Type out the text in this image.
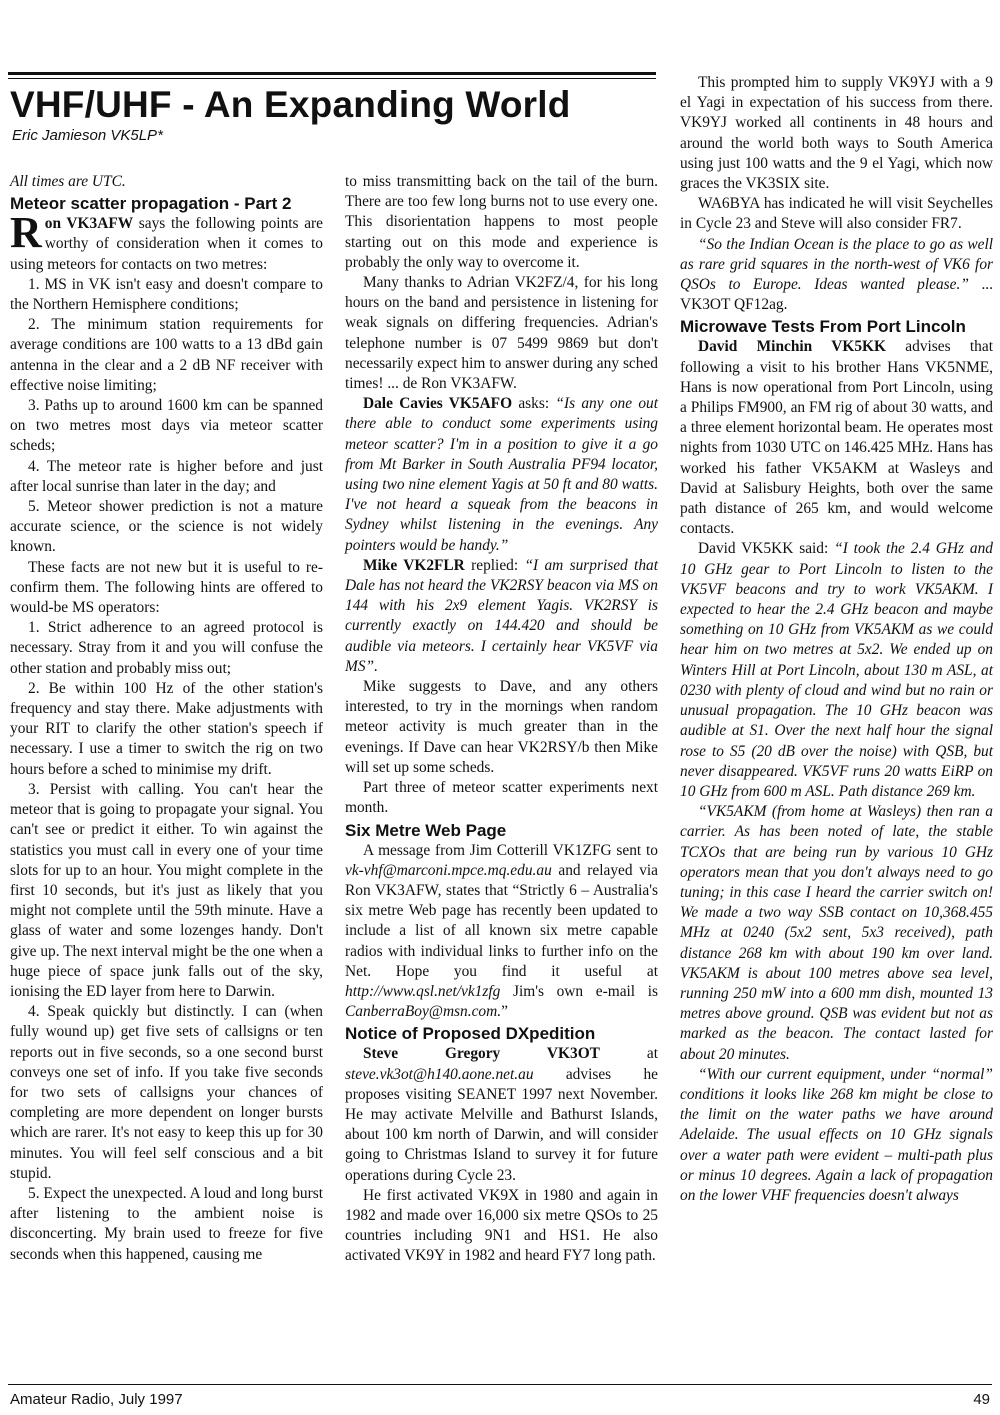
VHF/UHF - An Expanding World
Eric Jamieson VK5LP*

All times are UTC.

Meteor scatter propagation - Part 2

Ron VK3AFW says the following points are worthy of consideration when it comes to using meteors for contacts on two metres:

1. MS in VK isn't easy and doesn't compare to the Northern Hemisphere conditions;

2. The minimum station requirements for average conditions are 100 watts to a 13 dBd gain antenna in the clear and a 2 dB NF receiver with effective noise limiting;

3. Paths up to around 1600 km can be spanned on two metres most days via meteor scatter scheds;

4. The meteor rate is higher before and just after local sunrise than later in the day; and

5. Meteor shower prediction is not a mature accurate science, or the science is not widely known.

These facts are not new but it is useful to re-confirm them. The following hints are offered to would-be MS operators:

1. Strict adherence to an agreed protocol is necessary. Stray from it and you will confuse the other station and probably miss out;

2. Be within 100 Hz of the other station's frequency and stay there. Make adjustments with your RIT to clarify the other station's speech if necessary. I use a timer to switch the rig on two hours before a sched to minimise my drift.

3. Persist with calling. You can't hear the meteor that is going to propagate your signal. You can't see or predict it either. To win against the statistics you must call in every one of your time slots for up to an hour. You might complete in the first 10 seconds, but it's just as likely that you might not complete until the 59th minute. Have a glass of water and some lozenges handy. Don't give up. The next interval might be the one when a huge piece of space junk falls out of the sky, ionising the ED layer from here to Darwin.

4. Speak quickly but distinctly. I can (when fully wound up) get five sets of callsigns or ten reports out in five seconds, so a one second burst conveys one set of info. If you take five seconds for two sets of callsigns your chances of completing are more dependent on longer bursts which are rarer. It's not easy to keep this up for 30 minutes. You will feel self conscious and a bit stupid.

5. Expect the unexpected. A loud and long burst after listening to the ambient noise is disconcerting. My brain used to freeze for five seconds when this happened, causing me

to miss transmitting back on the tail of the burn. There are too few long burns not to use every one. This disorientation happens to most people starting out on this mode and experience is probably the only way to overcome it.

Many thanks to Adrian VK2FZ/4, for his long hours on the band and persistence in listening for weak signals on differing frequencies. Adrian's telephone number is 07 5499 9869 but don't necessarily expect him to answer during any sched times! ... de Ron VK3AFW.

Dale Cavies VK5AFO asks: “Is any one out there able to conduct some experiments using meteor scatter? I'm in a position to give it a go from Mt Barker in South Australia PF94 locator, using two nine element Yagis at 50 ft and 80 watts. I've not heard a squeak from the beacons in Sydney whilst listening in the evenings. Any pointers would be handy.”

Mike VK2FLR replied: “I am surprised that Dale has not heard the VK2RSY beacon via MS on 144 with his 2x9 element Yagis. VK2RSY is currently exactly on 144.420 and should be audible via meteors. I certainly hear VK5VF via MS”.

Mike suggests to Dave, and any others interested, to try in the mornings when random meteor activity is much greater than in the evenings. If Dave can hear VK2RSY/b then Mike will set up some scheds.

Part three of meteor scatter experiments next month.

Six Metre Web Page

A message from Jim Cotterill VK1ZFG sent to vk-vhf@marconi.mpce.mq.edu.au and relayed via Ron VK3AFW, states that “Strictly 6 – Australia's six metre Web page has recently been updated to include a list of all known six metre capable radios with individual links to further info on the Net. Hope you find it useful at http://www.qsl.net/vk1zfg Jim's own e-mail is CanberraBoy@msn.com.”

Notice of Proposed DXpedition

Steve Gregory VK3OT at steve.vk3ot@h140.aone.net.au advises he proposes visiting SEANET 1997 next November. He may activate Melville and Bathurst Islands, about 100 km north of Darwin, and will consider going to Christmas Island to survey it for future operations during Cycle 23.

He first activated VK9X in 1980 and again in 1982 and made over 16,000 six metre QSOs to 25 countries including 9N1 and HS1. He also activated VK9Y in 1982 and heard FY7 long path.

This prompted him to supply VK9YJ with a 9 el Yagi in expectation of his success from there. VK9YJ worked all continents in 48 hours and around the world both ways to South America using just 100 watts and the 9 el Yagi, which now graces the VK3SIX site.

WA6BYA has indicated he will visit Seychelles in Cycle 23 and Steve will also consider FR7.

“So the Indian Ocean is the place to go as well as rare grid squares in the north-west of VK6 for QSOs to Europe. Ideas wanted please.” ... VK3OT QF12ag.

Microwave Tests From Port Lincoln

David Minchin VK5KK advises that following a visit to his brother Hans VK5NME, Hans is now operational from Port Lincoln, using a Philips FM900, an FM rig of about 30 watts, and a three element horizontal beam. He operates most nights from 1030 UTC on 146.425 MHz. Hans has worked his father VK5AKM at Wasleys and David at Salisbury Heights, both over the same path distance of 265 km, and would welcome contacts.

David VK5KK said: “I took the 2.4 GHz and 10 GHz gear to Port Lincoln to listen to the VK5VF beacons and try to work VK5AKM. I expected to hear the 2.4 GHz beacon and maybe something on 10 GHz from VK5AKM as we could hear him on two metres at 5x2. We ended up on Winters Hill at Port Lincoln, about 130 m ASL, at 0230 with plenty of cloud and wind but no rain or unusual propagation. The 10 GHz beacon was audible at S1. Over the next half hour the signal rose to S5 (20 dB over the noise) with QSB, but never disappeared. VK5VF runs 20 watts EiRP on 10 GHz from 600 m ASL. Path distance 269 km.

“VK5AKM (from home at Wasleys) then ran a carrier. As has been noted of late, the stable TCXOs that are being run by various 10 GHz operators mean that you don't always need to go tuning; in this case I heard the carrier switch on! We made a two way SSB contact on 10,368.455 MHz at 0240 (5x2 sent, 5x3 received), path distance 268 km with about 190 km over land. VK5AKM is about 100 metres above sea level, running 250 mW into a 600 mm dish, mounted 13 metres above ground. QSB was evident but not as marked as the beacon. The contact lasted for about 20 minutes.

“With our current equipment, under “normal” conditions it looks like 268 km might be close to the limit on the water paths we have around Adelaide. The usual effects on 10 GHz signals over a water path were evident – multi-path plus or minus 10 degrees. Again a lack of propagation on the lower VHF frequencies doesn't always

Amateur Radio, July 1997	49
